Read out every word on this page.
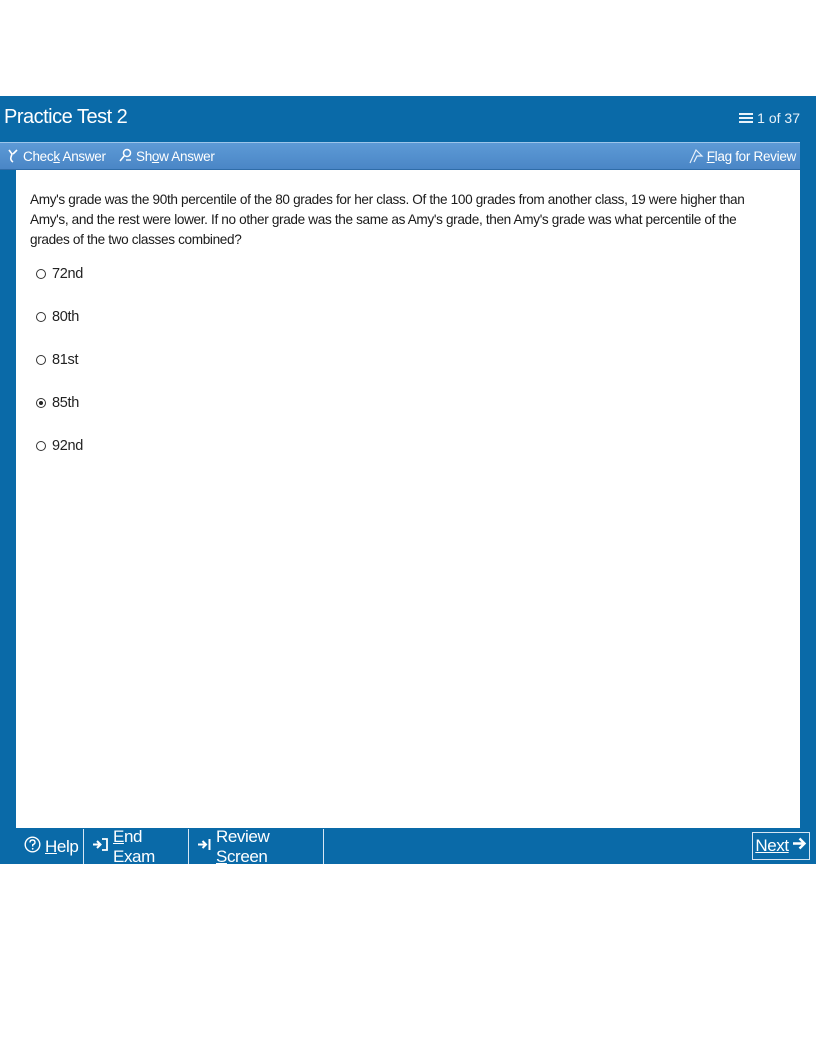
Practice Test 2	1 of 37
Check Answer Show Answer	Flag for Review
Amy's grade was the 90th percentile of the 80 grades for her class. Of the 100 grades from another class, 19 were higher than Amy's, and the rest were lower. If no other grade was the same as Amy's grade, then Amy's grade was what percentile of the grades of the two classes combined?
72nd
80th
81st
85th
92nd
Help
End Exam
Review Screen
Next
